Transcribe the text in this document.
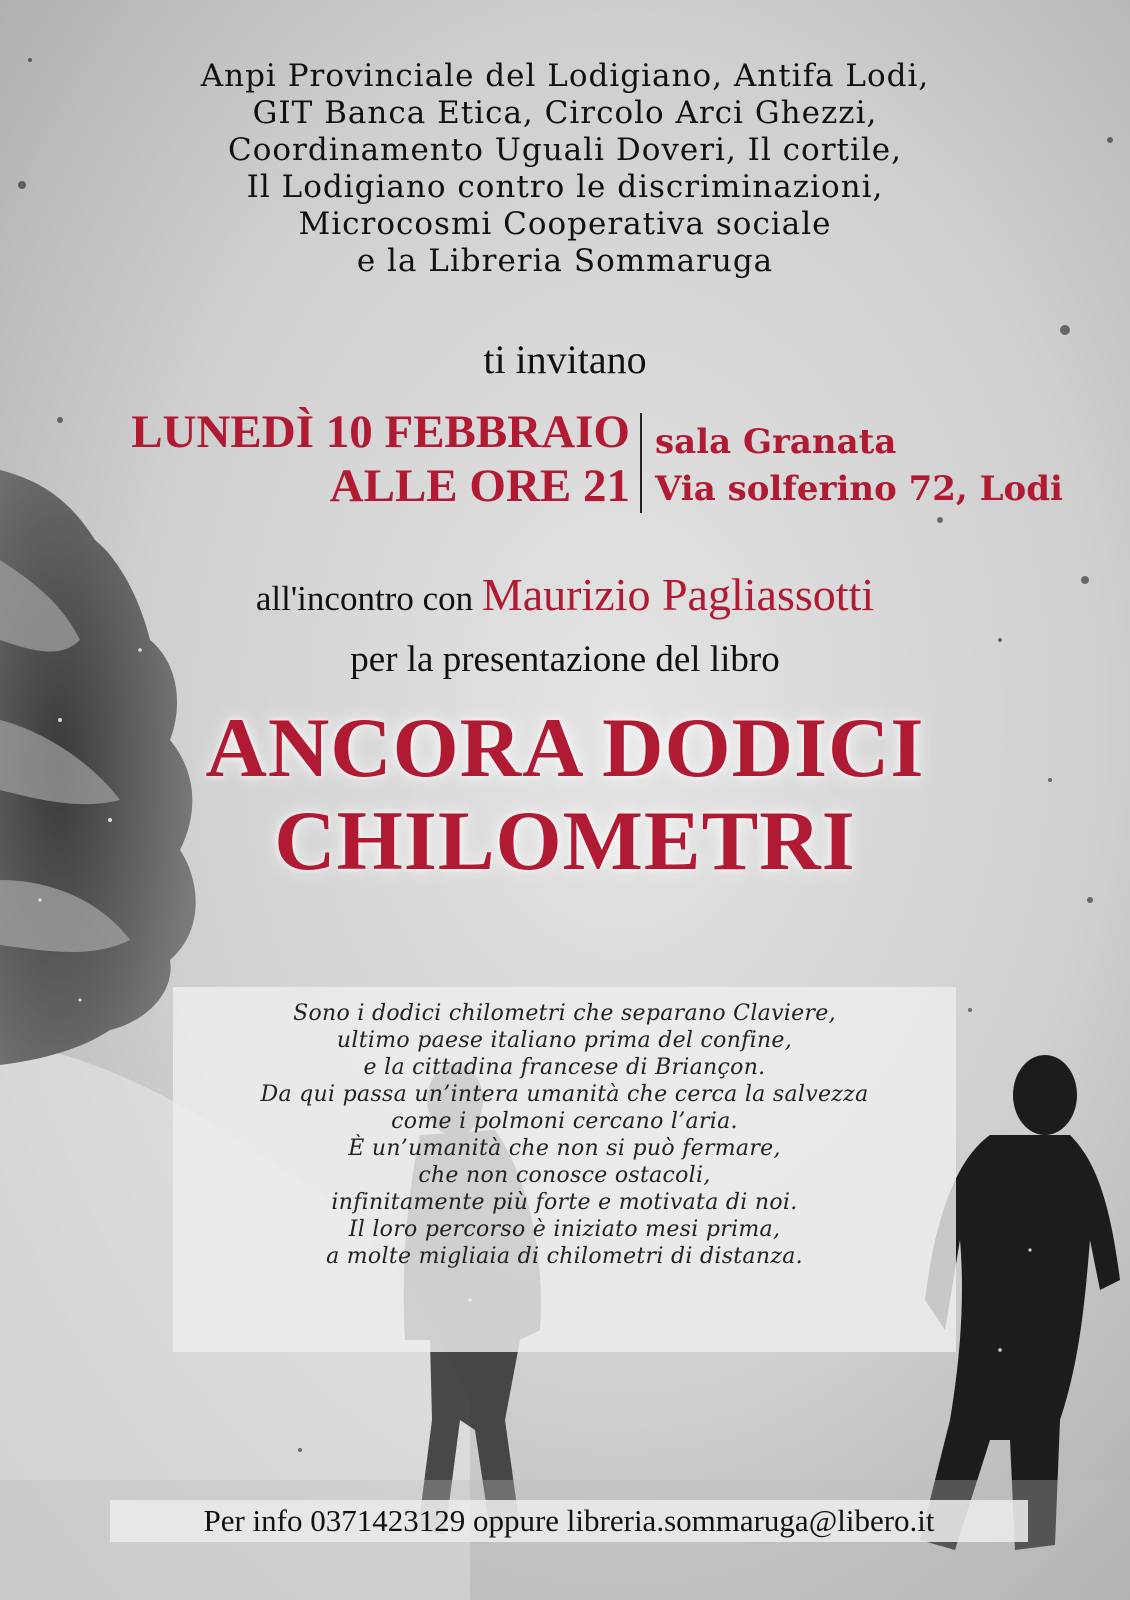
Anpi Provinciale del Lodigiano, Antifa Lodi,
GIT Banca Etica, Circolo Arci Ghezzi,
Coordinamento Uguali Doveri, Il cortile,
Il Lodigiano contro le discriminazioni,
Microcosmi Cooperativa sociale
e la Libreria Sommaruga
ti invitano
LUNEDÌ 10 FEBBRAIO
ALLE ORE 21
sala Granata
Via solferino 72, Lodi
all'incontro con Maurizio Pagliassotti
per la presentazione del libro
ANCORA DODICI
CHILOMETRI
Sono i dodici chilometri che separano Claviere,
ultimo paese italiano prima del confine,
e la cittadina francese di Briançon.
Da qui passa un’intera umanità che cerca la salvezza
come i polmoni cercano l’aria.
È un’umanità che non si può fermare,
che non conosce ostacoli,
infinitamente più forte e motivata di noi.
Il loro percorso è iniziato mesi prima,
a molte migliaia di chilometri di distanza.
Per info 0371423129 oppure libreria.sommaruga@libero.it
